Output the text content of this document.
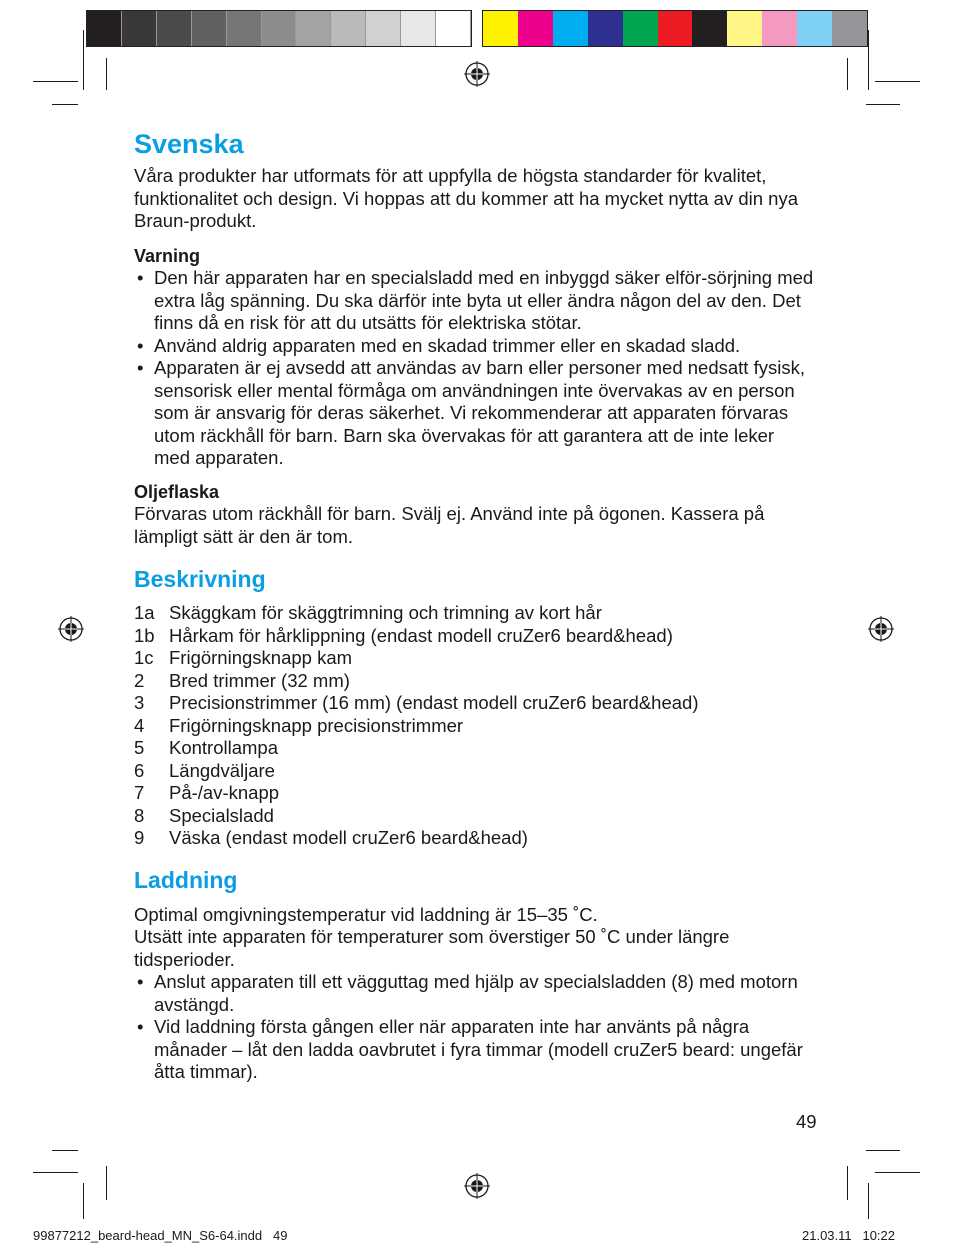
Svenska

Våra produkter har utformats för att uppfylla de högsta standarder för kvalitet, funktionalitet och design. Vi hoppas att du kommer att ha mycket nytta av din nya Braun-produkt.

Varning
• Den här apparaten har en specialsladd med en inbyggd säker elför-sörjning med extra låg spänning. Du ska därför inte byta ut eller ändra någon del av den. Det finns då en risk för att du utsätts för elektriska stötar.
• Använd aldrig apparaten med en skadad trimmer eller en skadad sladd.
• Apparaten är ej avsedd att användas av barn eller personer med nedsatt fysisk, sensorisk eller mental förmåga om användningen inte övervakas av en person som är ansvarig för deras säkerhet. Vi rekommenderar att apparaten förvaras utom räckhåll för barn. Barn ska övervakas för att garantera att de inte leker med apparaten.
Oljeflaska

Förvaras utom räckhåll för barn. Svälj ej. Använd inte på ögonen. Kassera på lämpligt sätt är den är tom.

Beskrivning
1a Skäggkam för skäggtrimning och trimning av kort hår
1b Hårkam för hårklippning (endast modell cruZer6 beard&head)
1c Frigörningsknapp kam
2	Bred trimmer (32 mm)
3	Precisionstrimmer (16 mm) (endast modell cruZer6 beard&head)
4	Frigörningsknapp precisionstrimmer
5	Kontrollampa
6	Längdväljare
7	På-/av-knapp
8	Specialsladd
9	Väska (endast modell cruZer6 beard&head)
Laddning

Optimal omgivningstemperatur vid laddning är 15–35 ˚C.

Utsätt inte apparaten för temperaturer som överstiger 50 ˚C under längre tidsperioder.

• Anslut apparaten till ett vägguttag med hjälp av specialsladden (8) med motorn avstängd.
• Vid laddning första gången eller när apparaten inte har använts på några månader – låt den ladda oavbrutet i fyra timmar (modell cruZer5 beard: ungefär åtta timmar).
49
99877212_beard-head_MN_S6-64.indd   49	21.03.11   10:22
